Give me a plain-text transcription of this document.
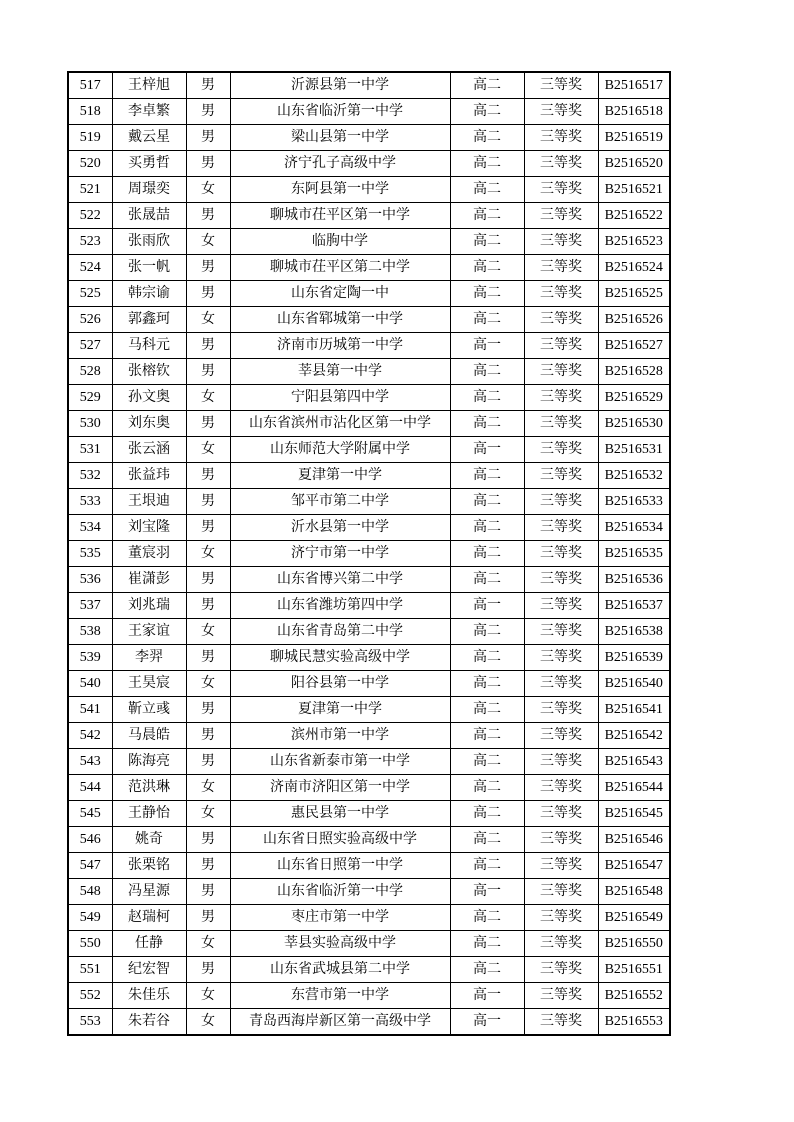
517	王梓旭	男	沂源县第一中学	高二	三等奖	B2516517
518	李卓繁	男	山东省临沂第一中学	高二	三等奖	B2516518
519	戴云星	男	梁山县第一中学	高二	三等奖	B2516519
520	买勇哲	男	济宁孔子高级中学	高二	三等奖	B2516520
521	周璟奕	女	东阿县第一中学	高二	三等奖	B2516521
522	张晟喆	男	聊城市茌平区第一中学	高二	三等奖	B2516522
523	张雨欣	女	临朐中学	高二	三等奖	B2516523
524	张一帆	男	聊城市茌平区第二中学	高二	三等奖	B2516524
525	韩宗谕	男	山东省定陶一中	高二	三等奖	B2516525
526	郭鑫珂	女	山东省郓城第一中学	高二	三等奖	B2516526
527	马科元	男	济南市历城第一中学	高一	三等奖	B2516527
528	张榕钦	男	莘县第一中学	高二	三等奖	B2516528
529	孙文奥	女	宁阳县第四中学	高二	三等奖	B2516529
530	刘东奥	男	山东省滨州市沾化区第一中学	高二	三等奖	B2516530
531	张云涵	女	山东师范大学附属中学	高一	三等奖	B2516531
532	张益玮	男	夏津第一中学	高二	三等奖	B2516532
533	王垠迪	男	邹平市第二中学	高二	三等奖	B2516533
534	刘宝隆	男	沂水县第一中学	高二	三等奖	B2516534
535	董宸羽	女	济宁市第一中学	高二	三等奖	B2516535
536	崔潇彭	男	山东省博兴第二中学	高二	三等奖	B2516536
537	刘兆瑞	男	山东省潍坊第四中学	高一	三等奖	B2516537
538	王家谊	女	山东省青岛第二中学	高二	三等奖	B2516538
539	李羿	男	聊城民慧实验高级中学	高二	三等奖	B2516539
540	王昊宸	女	阳谷县第一中学	高二	三等奖	B2516540
541	靳立彧	男	夏津第一中学	高二	三等奖	B2516541
542	马晨皓	男	滨州市第一中学	高二	三等奖	B2516542
543	陈海亮	男	山东省新泰市第一中学	高二	三等奖	B2516543
544	范洪琳	女	济南市济阳区第一中学	高二	三等奖	B2516544
545	王静怡	女	惠民县第一中学	高二	三等奖	B2516545
546	姚奇	男	山东省日照实验高级中学	高二	三等奖	B2516546
547	张栗铭	男	山东省日照第一中学	高二	三等奖	B2516547
548	冯星源	男	山东省临沂第一中学	高一	三等奖	B2516548
549	赵瑞柯	男	枣庄市第一中学	高二	三等奖	B2516549
550	任静	女	莘县实验高级中学	高二	三等奖	B2516550
551	纪宏智	男	山东省武城县第二中学	高二	三等奖	B2516551
552	朱佳乐	女	东营市第一中学	高一	三等奖	B2516552
553	朱若谷	女	青岛西海岸新区第一高级中学	高一	三等奖	B2516553
